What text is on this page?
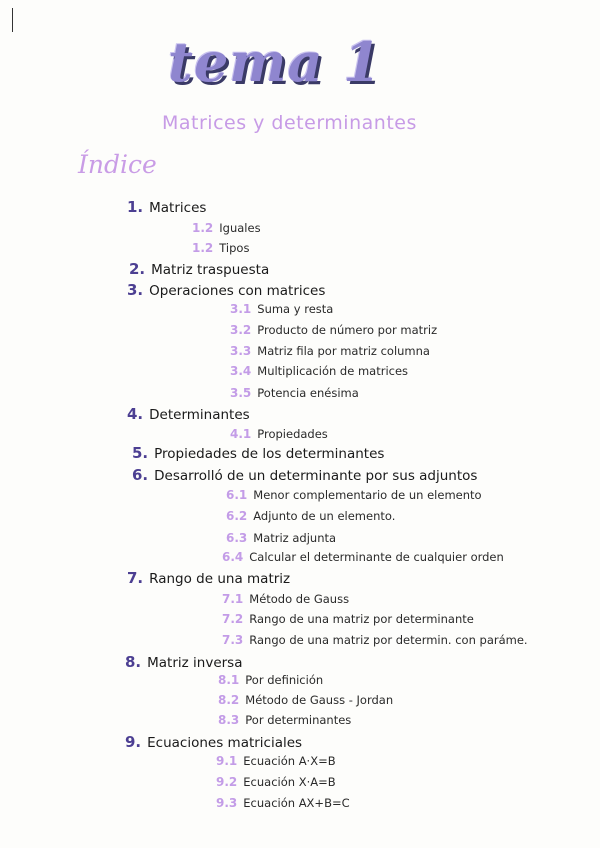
tema 1
Matrices y determinantes
Índice
1. Matrices
1.2 Iguales
1.2 Tipos
2. Matriz traspuesta
3. Operaciones con matrices
3.1 Suma y resta
3.2 Producto de número por matriz
3.3 Matriz fila por matriz columna
3.4 Multiplicación de matrices
3.5 Potencia enésima
4. Determinantes
4.1 Propiedades
5. Propiedades de los determinantes
6. Desarrolló de un determinante por sus adjuntos
6.1 Menor complementario de un elemento
6.2 Adjunto de un elemento.
6.3 Matriz adjunta
6.4 Calcular el determinante de cualquier orden
7. Rango de una matriz
7.1 Método de Gauss
7.2 Rango de una matriz por determinante
7.3 Rango de una matriz por determin. con paráme.
8. Matriz inversa
8.1 Por definición
8.2 Método de Gauss - Jordan
8.3 Por determinantes
9. Ecuaciones matriciales
9.1 Ecuación A·X=B
9.2 Ecuación X·A=B
9.3 Ecuación AX+B=C
